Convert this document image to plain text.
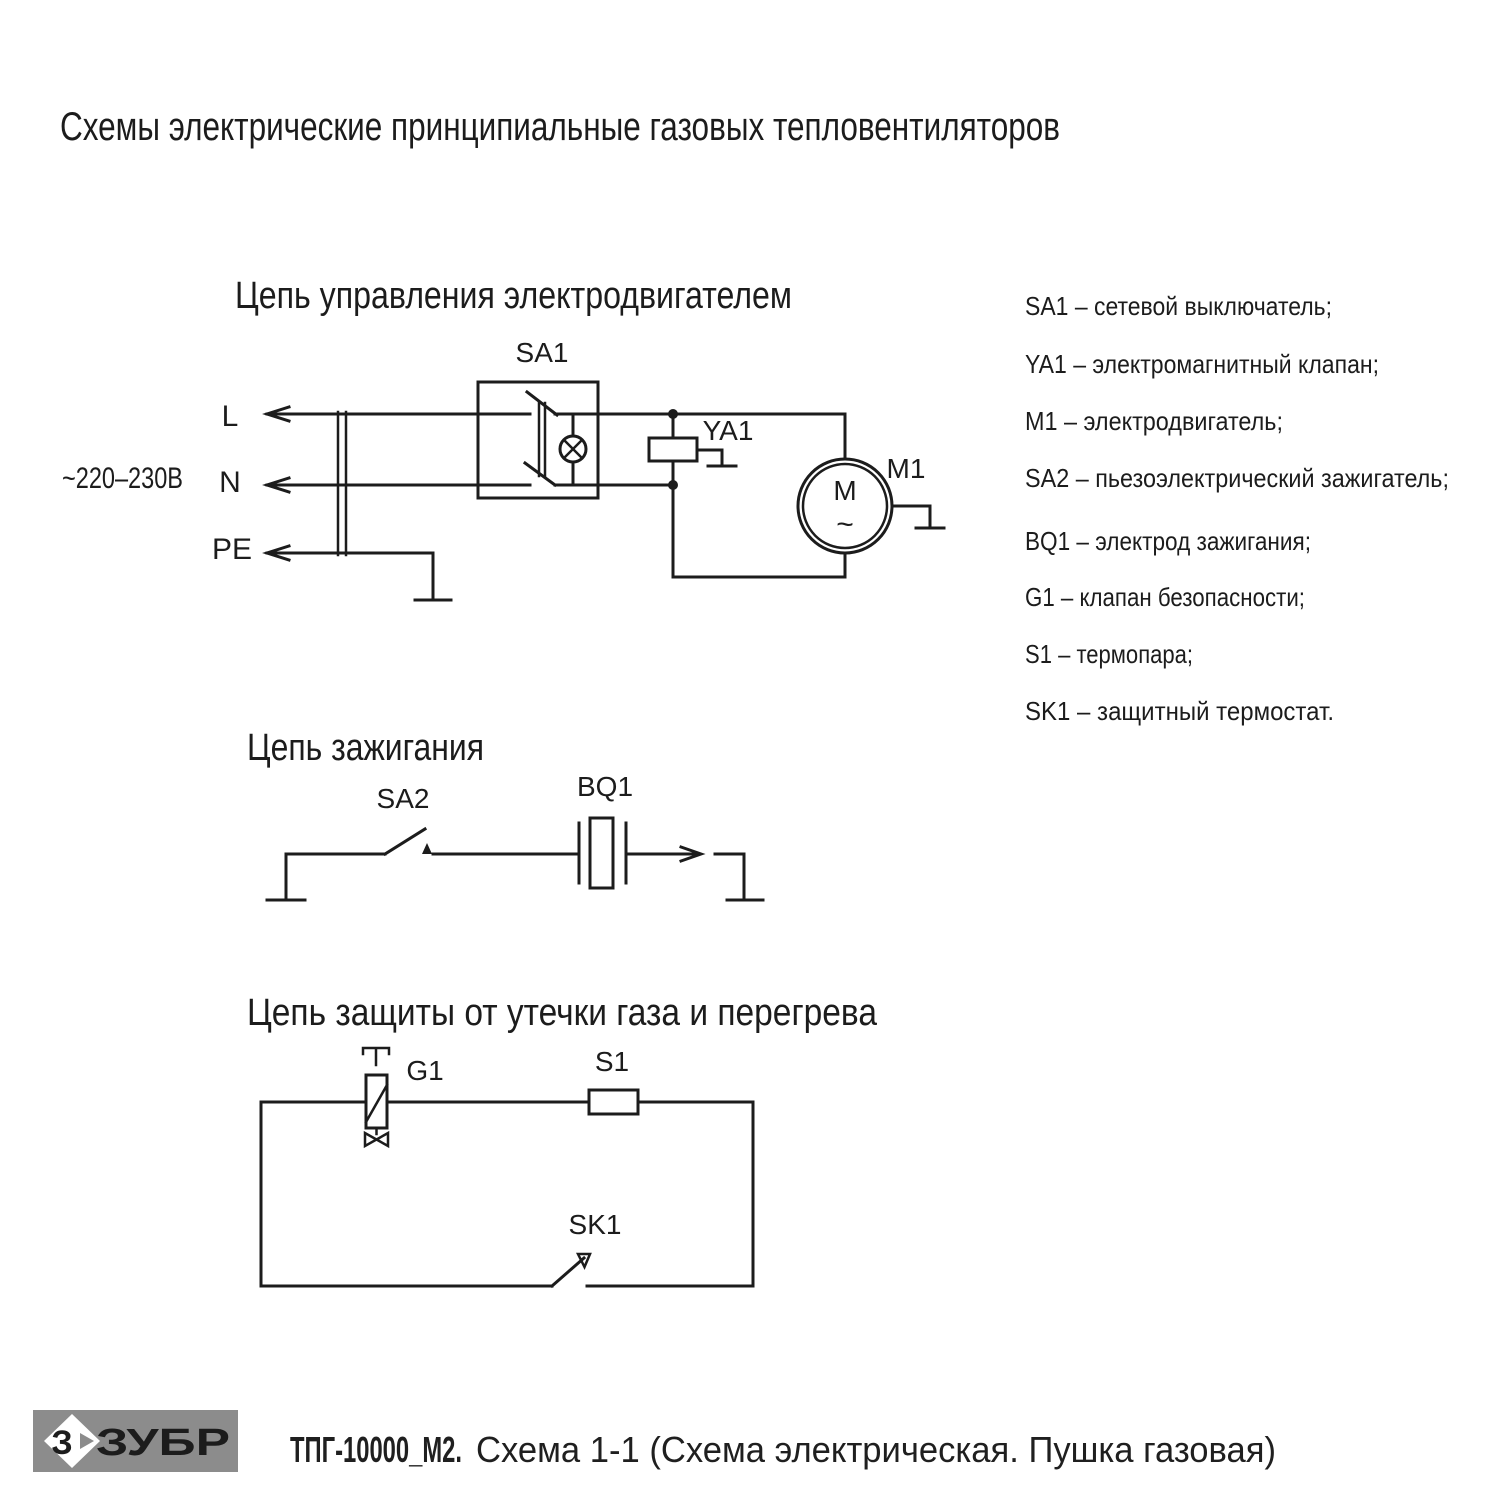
Схемы электрические принципиальные газовых тепловентиляторов
Цепь управления электродвигателем
~220–230В
L
N
PE
SA1
YA1
M1
M
~
SA1 – сетевой выключатель;
YA1 – электромагнитный клапан;
M1 – электродвигатель;
SA2 – пьезоэлектрический зажигатель;
BQ1 – электрод зажигания;
G1 – клапан безопасности;
S1 – термопара;
SK1 – защитный термостат.
Цепь зажигания
SA2	BQ1
Цепь защиты от утечки газа и перегрева
G1	S1
SK1
З ЗУБР ТПГ-10000_М2. Схема 1-1 (Схема электрическая. Пушка газовая)
